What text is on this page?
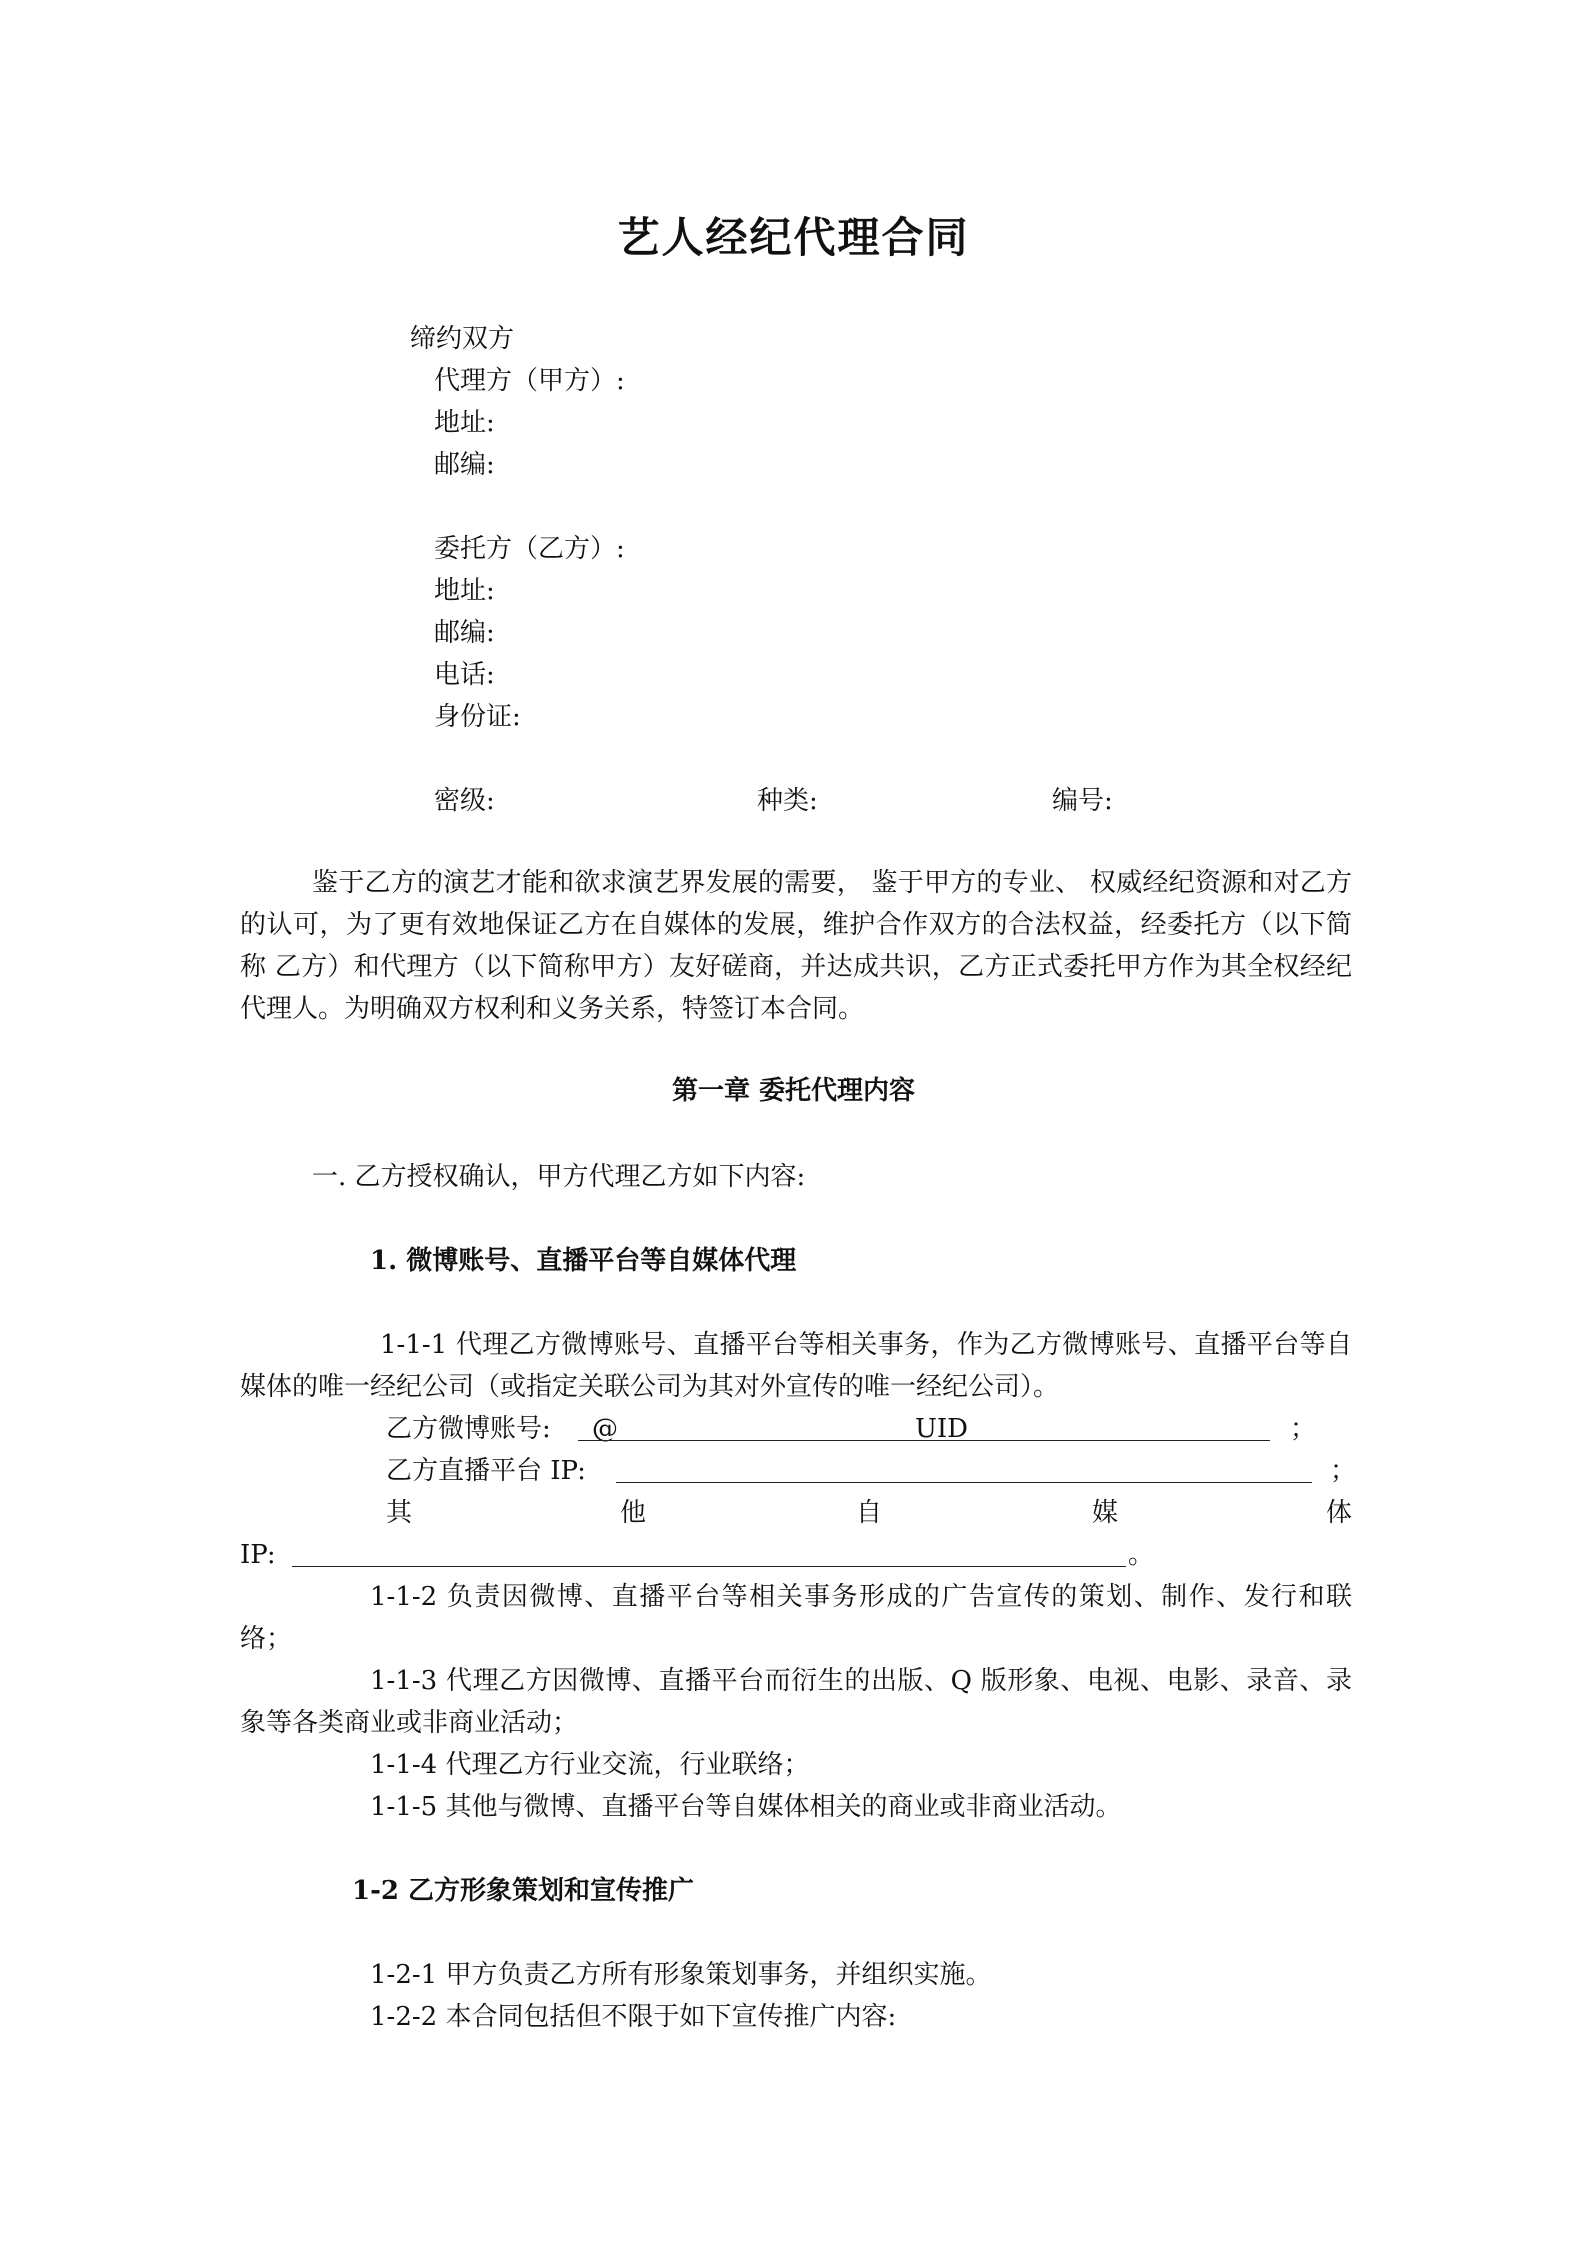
艺人经纪代理合同
缔约双方
代理方（甲方）:
地址:
邮编:
委托方（乙方）:
地址:
邮编:
电话:
身份证:
密级:	种类:	编号:
鉴于乙方的演艺才能和欲求演艺界发展的需要， 鉴于甲方的专业、 权威经纪资源和对乙方的认可，为了更有效地保证乙方在自媒体的发展，维护合作双方的合法权益，经委托方（以下简称 乙方）和代理方（以下简称甲方）友好磋商，并达成共识，乙方正式委托甲方作为其全权经纪代理人。为明确双方权利和义务关系，特签订本合同。
第一章 委托代理内容
一. 乙方授权确认，甲方代理乙方如下内容:
1. 微博账号、直播平台等自媒体代理
1-1-1 代理乙方微博账号、直播平台等相关事务，作为乙方微博账号、直播平台等自媒体的唯一经纪公司（或指定关联公司为其对外宣传的唯一经纪公司）。
乙方微博账号: @	UID	；
乙方直播平台 IP:	；
其	他	自	媒	体
IP:	。
1-1-2 负责因微博、直播平台等相关事务形成的广告宣传的策划、制作、发行和联络；
1-1-3 代理乙方因微博、直播平台而衍生的出版、Q 版形象、电视、电影、录音、录象等各类商业或非商业活动；
1-1-4 代理乙方行业交流，行业联络；
1-1-5 其他与微博、直播平台等自媒体相关的商业或非商业活动。
1-2 乙方形象策划和宣传推广
1-2-1 甲方负责乙方所有形象策划事务，并组织实施。
1-2-2 本合同包括但不限于如下宣传推广内容:
